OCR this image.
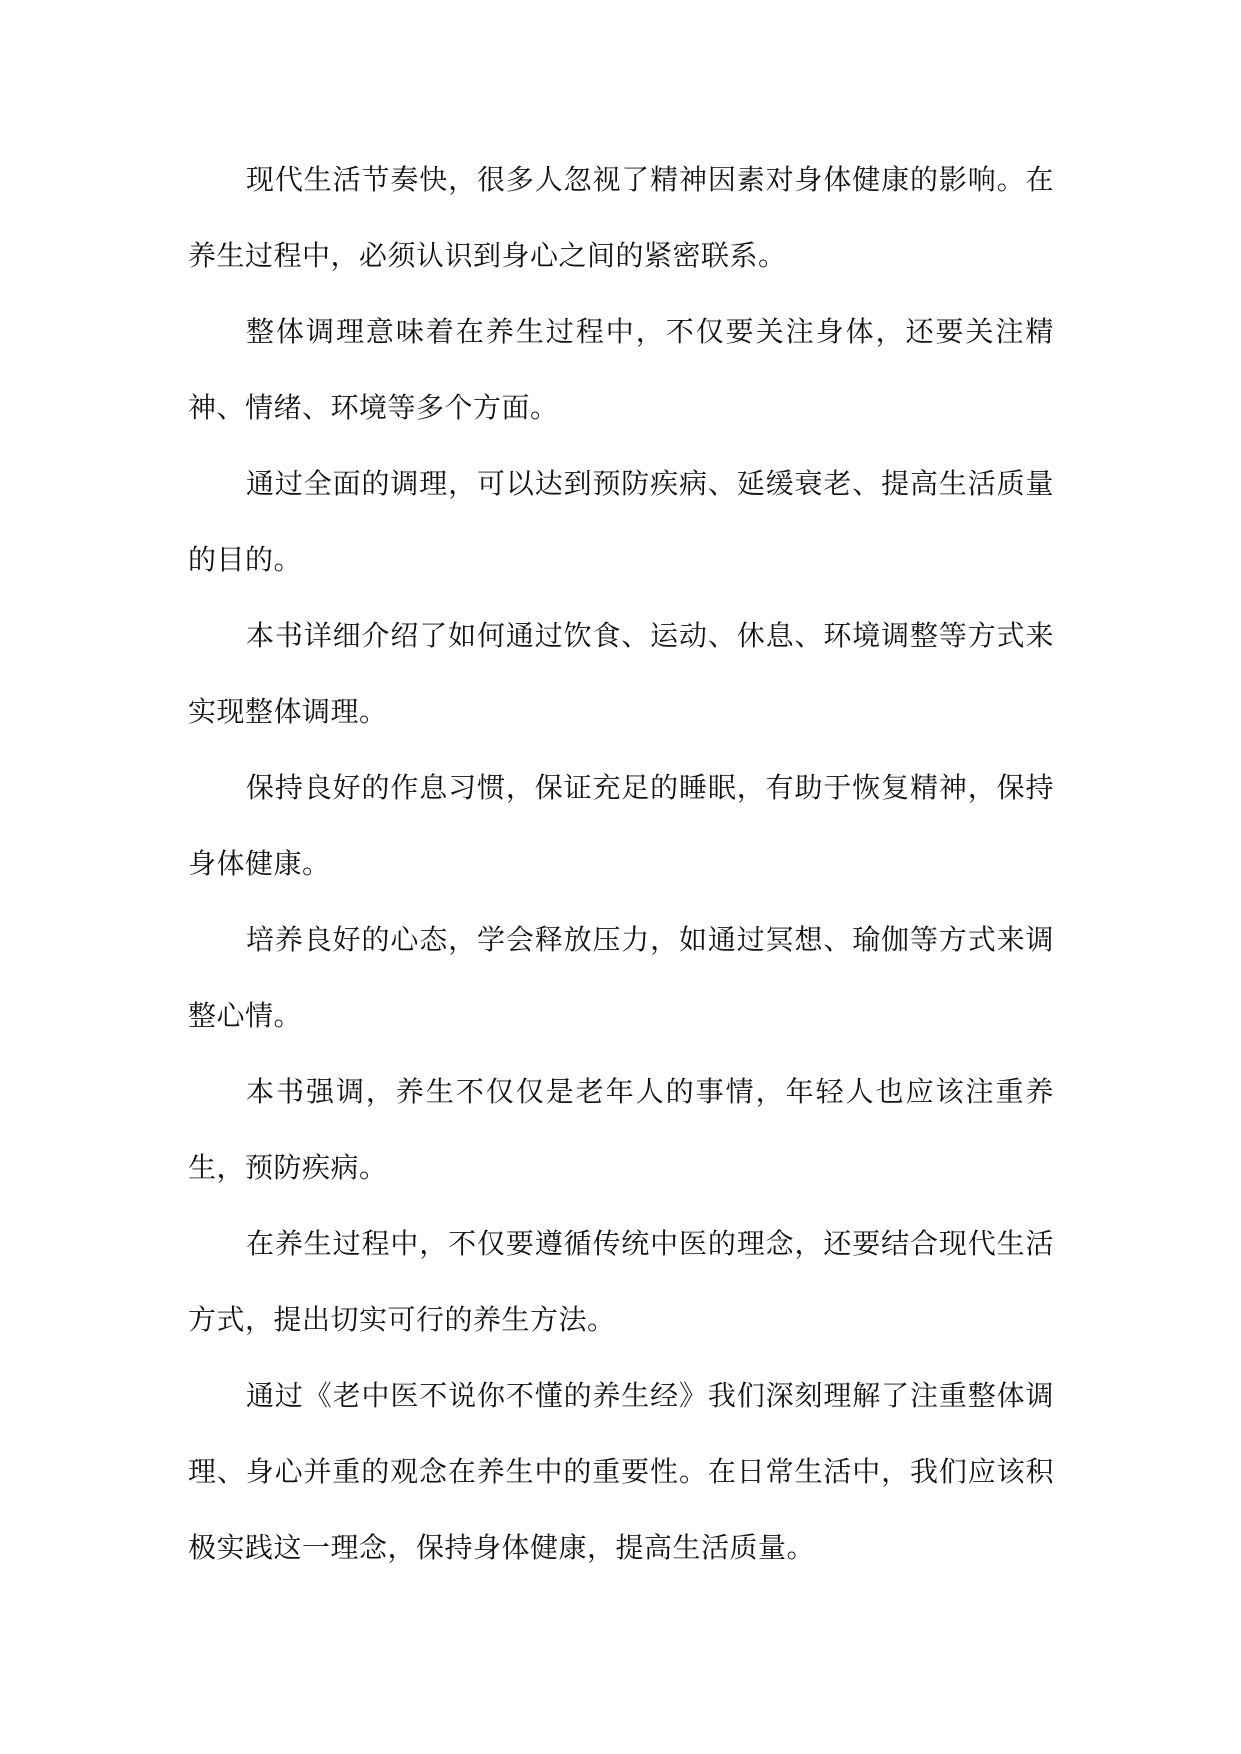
现代生活节奏快，很多人忽视了精神因素对身体健康的影响。在养生过程中，必须认识到身心之间的紧密联系。

整体调理意味着在养生过程中，不仅要关注身体，还要关注精神、情绪、环境等多个方面。

通过全面的调理，可以达到预防疾病、延缓衰老、提高生活质量的目的。

本书详细介绍了如何通过饮食、运动、休息、环境调整等方式来实现整体调理。

保持良好的作息习惯，保证充足的睡眠，有助于恢复精神，保持身体健康。

培养良好的心态，学会释放压力，如通过冥想、瑜伽等方式来调整心情。

本书强调，养生不仅仅是老年人的事情，年轻人也应该注重养生，预防疾病。

在养生过程中，不仅要遵循传统中医的理念，还要结合现代生活方式，提出切实可行的养生方法。

通过《老中医不说你不懂的养生经》我们深刻理解了注重整体调理、身心并重的观念在养生中的重要性。在日常生活中，我们应该积极实践这一理念，保持身体健康，提高生活质量。
